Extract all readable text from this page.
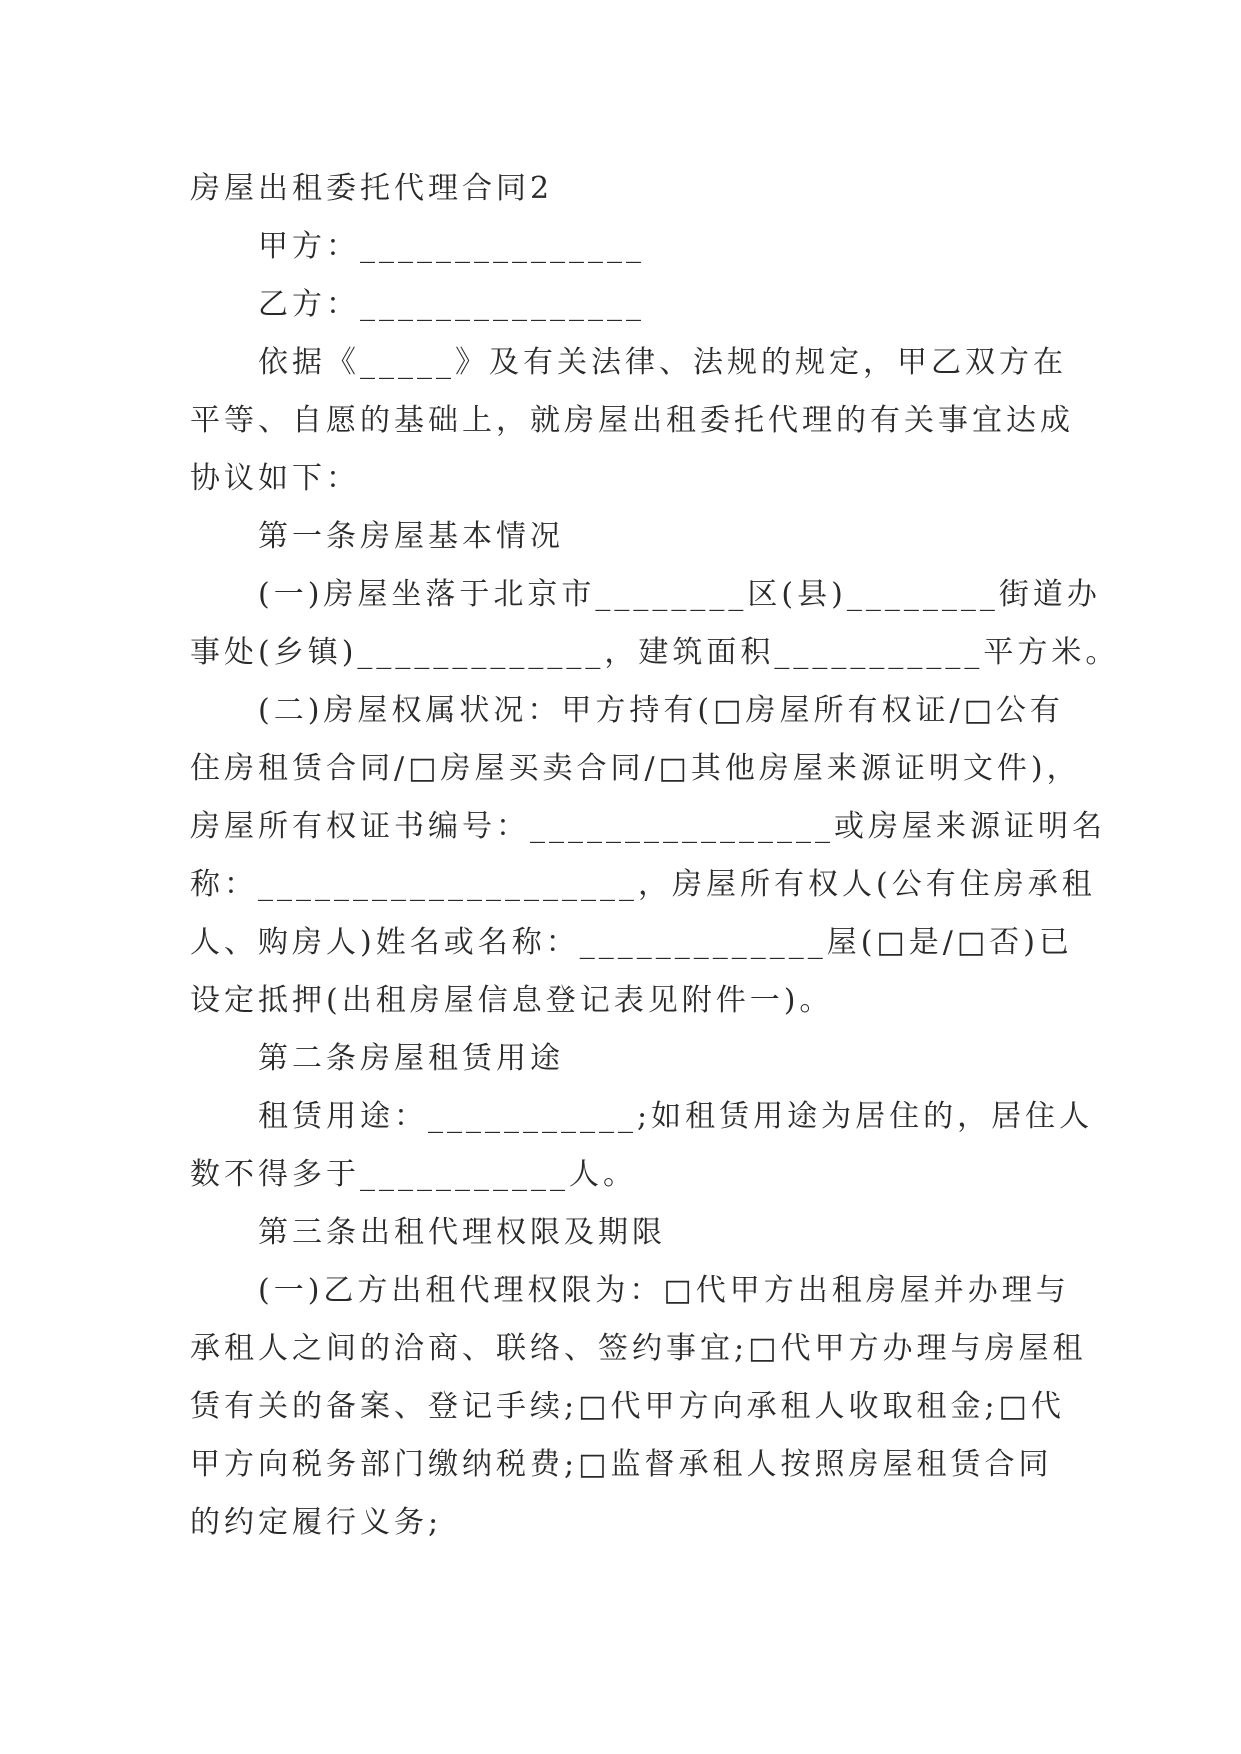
房屋出租委托代理合同2
甲方：_______________
乙方：_______________
依据《_____》及有关法律、法规的规定，甲乙双方在
平等、自愿的基础上，就房屋出租委托代理的有关事宜达成
协议如下：
第一条房屋基本情况
(一)房屋坐落于北京市________区(县)________街道办
事处(乡镇)_____________，建筑面积___________平方米。
(二)房屋权属状况：甲方持有(□房屋所有权证/□公有
住房租赁合同/□房屋买卖合同/□其他房屋来源证明文件)，
房屋所有权证书编号：________________或房屋来源证明名
称：____________________，房屋所有权人(公有住房承租
人、购房人)姓名或名称：_____________屋(□是/□否)已
设定抵押(出租房屋信息登记表见附件一)。
第二条房屋租赁用途
租赁用途：___________;如租赁用途为居住的，居住人
数不得多于___________人。
第三条出租代理权限及期限
(一)乙方出租代理权限为：□代甲方出租房屋并办理与
承租人之间的洽商、联络、签约事宜;□代甲方办理与房屋租
赁有关的备案、登记手续;□代甲方向承租人收取租金;□代
甲方向税务部门缴纳税费;□监督承租人按照房屋租赁合同
的约定履行义务;
